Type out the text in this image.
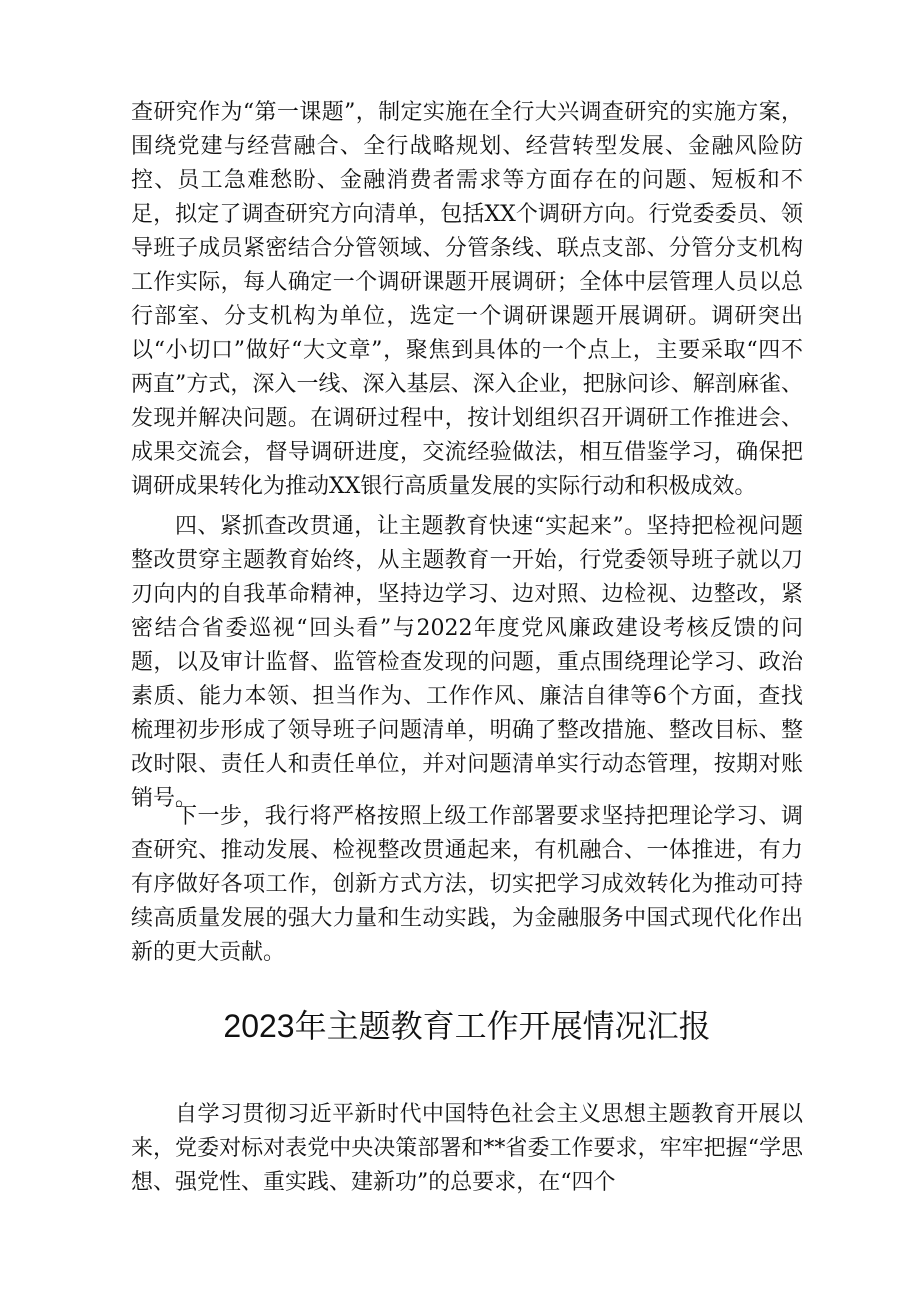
查研究作为“第一课题”，制定实施在全行大兴调查研究的实施方案，围绕党建与经营融合、全行战略规划、经营转型发展、金融风险防控、员工急难愁盼、金融消费者需求等方面存在的问题、短板和不足，拟定了调查研究方向清单，包括XX个调研方向。行党委委员、领导班子成员紧密结合分管领域、分管条线、联点支部、分管分支机构工作实际，每人确定一个调研课题开展调研；全体中层管理人员以总行部室、分支机构为单位，选定一个调研课题开展调研。调研突出以“小切口”做好“大文章”，聚焦到具体的一个点上，主要采取“四不两直”方式，深入一线、深入基层、深入企业，把脉问诊、解剖麻雀、发现并解决问题。在调研过程中，按计划组织召开调研工作推进会、成果交流会，督导调研进度，交流经验做法，相互借鉴学习，确保把调研成果转化为推动XX银行高质量发展的实际行动和积极成效。

四、紧抓查改贯通，让主题教育快速“实起来”。坚持把检视问题整改贯穿主题教育始终，从主题教育一开始，行党委领导班子就以刀刃向内的自我革命精神，坚持边学习、边对照、边检视、边整改，紧密结合省委巡视“回头看”与2022年度党风廉政建设考核反馈的问题，以及审计监督、监管检查发现的问题，重点围绕理论学习、政治素质、能力本领、担当作为、工作作风、廉洁自律等6个方面，查找梳理初步形成了领导班子问题清单，明确了整改措施、整改目标、整改时限、责任人和责任单位，并对问题清单实行动态管理，按期对账销号。

下一步，我行将严格按照上级工作部署要求坚持把理论学习、调查研究、推动发展、检视整改贯通起来，有机融合、一体推进，有力有序做好各项工作，创新方式方法，切实把学习成效转化为推动可持续高质量发展的强大力量和生动实践，为金融服务中国式现代化作出新的更大贡献。

2023年主题教育工作开展情况汇报

自学习贯彻习近平新时代中国特色社会主义思想主题教育开展以来，党委对标对表党中央决策部署和**省委工作要求，牢牢把握“学思想、强党性、重实践、建新功”的总要求，在“四个
